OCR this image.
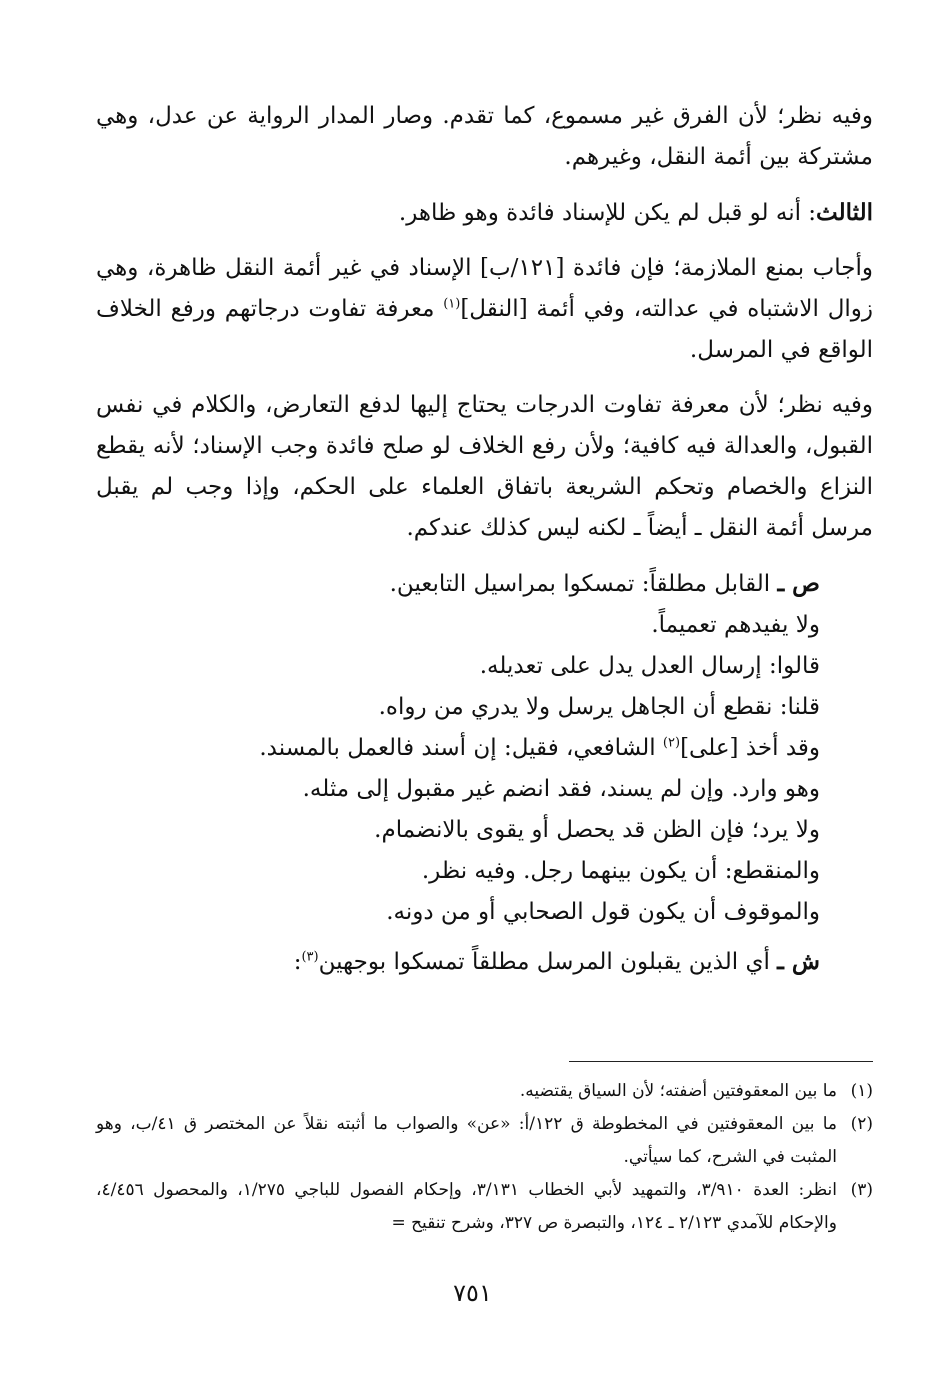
وفيه نظر؛ لأن الفرق غير مسموع، كما تقدم. وصار المدار الرواية عن عدل، وهي مشتركة بين أئمة النقل، وغيرهم.

الثالث: أنه لو قبل لم يكن للإسناد فائدة وهو ظاهر.

وأجاب بمنع الملازمة؛ فإن فائدة [١٢١/ب] الإسناد في غير أئمة النقل ظاهرة، وهي زوال الاشتباه في عدالته، وفي أئمة [النقل]$^{(١)}$ معرفة تفاوت درجاتهم ورفع الخلاف الواقع في المرسل.

وفيه نظر؛ لأن معرفة تفاوت الدرجات يحتاج إليها لدفع التعارض، والكلام في نفس القبول، والعدالة فيه كافية؛ ولأن رفع الخلاف لو صلح فائدة وجب الإسناد؛ لأنه يقطع النزاع والخصام وتحكم الشريعة باتفاق العلماء على الحكم، وإذا وجب لم يقبل مرسل أئمة النقل ـ أيضاً ـ لكنه ليس كذلك عندكم.

ص ـ القابل مطلقاً: تمسكوا بمراسيل التابعين.

ولا يفيدهم تعميماً.

قالوا: إرسال العدل يدل على تعديله.

قلنا: نقطع أن الجاهل يرسل ولا يدري من رواه.

وقد أخذ [على]$^{(٢)}$ الشافعي، فقيل: إن أسند فالعمل بالمسند.

وهو وارد. وإن لم يسند، فقد انضم غير مقبول إلى مثله.

ولا يرد؛ فإن الظن قد يحصل أو يقوى بالانضمام.

والمنقطع: أن يكون بينهما رجل. وفيه نظر.

والموقوف أن يكون قول الصحابي أو من دونه.

ش ـ أي الذين يقبلون المرسل مطلقاً تمسكوا بوجهين$^{(٣)}$:

(١)
ما بين المعقوفتين أضفته؛ لأن السياق يقتضيه.
(٢)
ما بين المعقوفتين في المخطوطة ق ١٢٢/أ: «عن» والصواب ما أثبته نقلاً عن المختصر ق ٤١/ب، وهو المثبت في الشرح، كما سيأتي.
(٣)
انظر: العدة ٣/٩١٠، والتمهيد لأبي الخطاب ٣/١٣١، وإحكام الفصول للباجي ١/٢٧٥، والمحصول ٤/٤٥٦، والإحكام للآمدي ٢/١٢٣ ـ ١٢٤، والتبصرة ص ٣٢٧، وشرح تنقيح =
٧٥١
